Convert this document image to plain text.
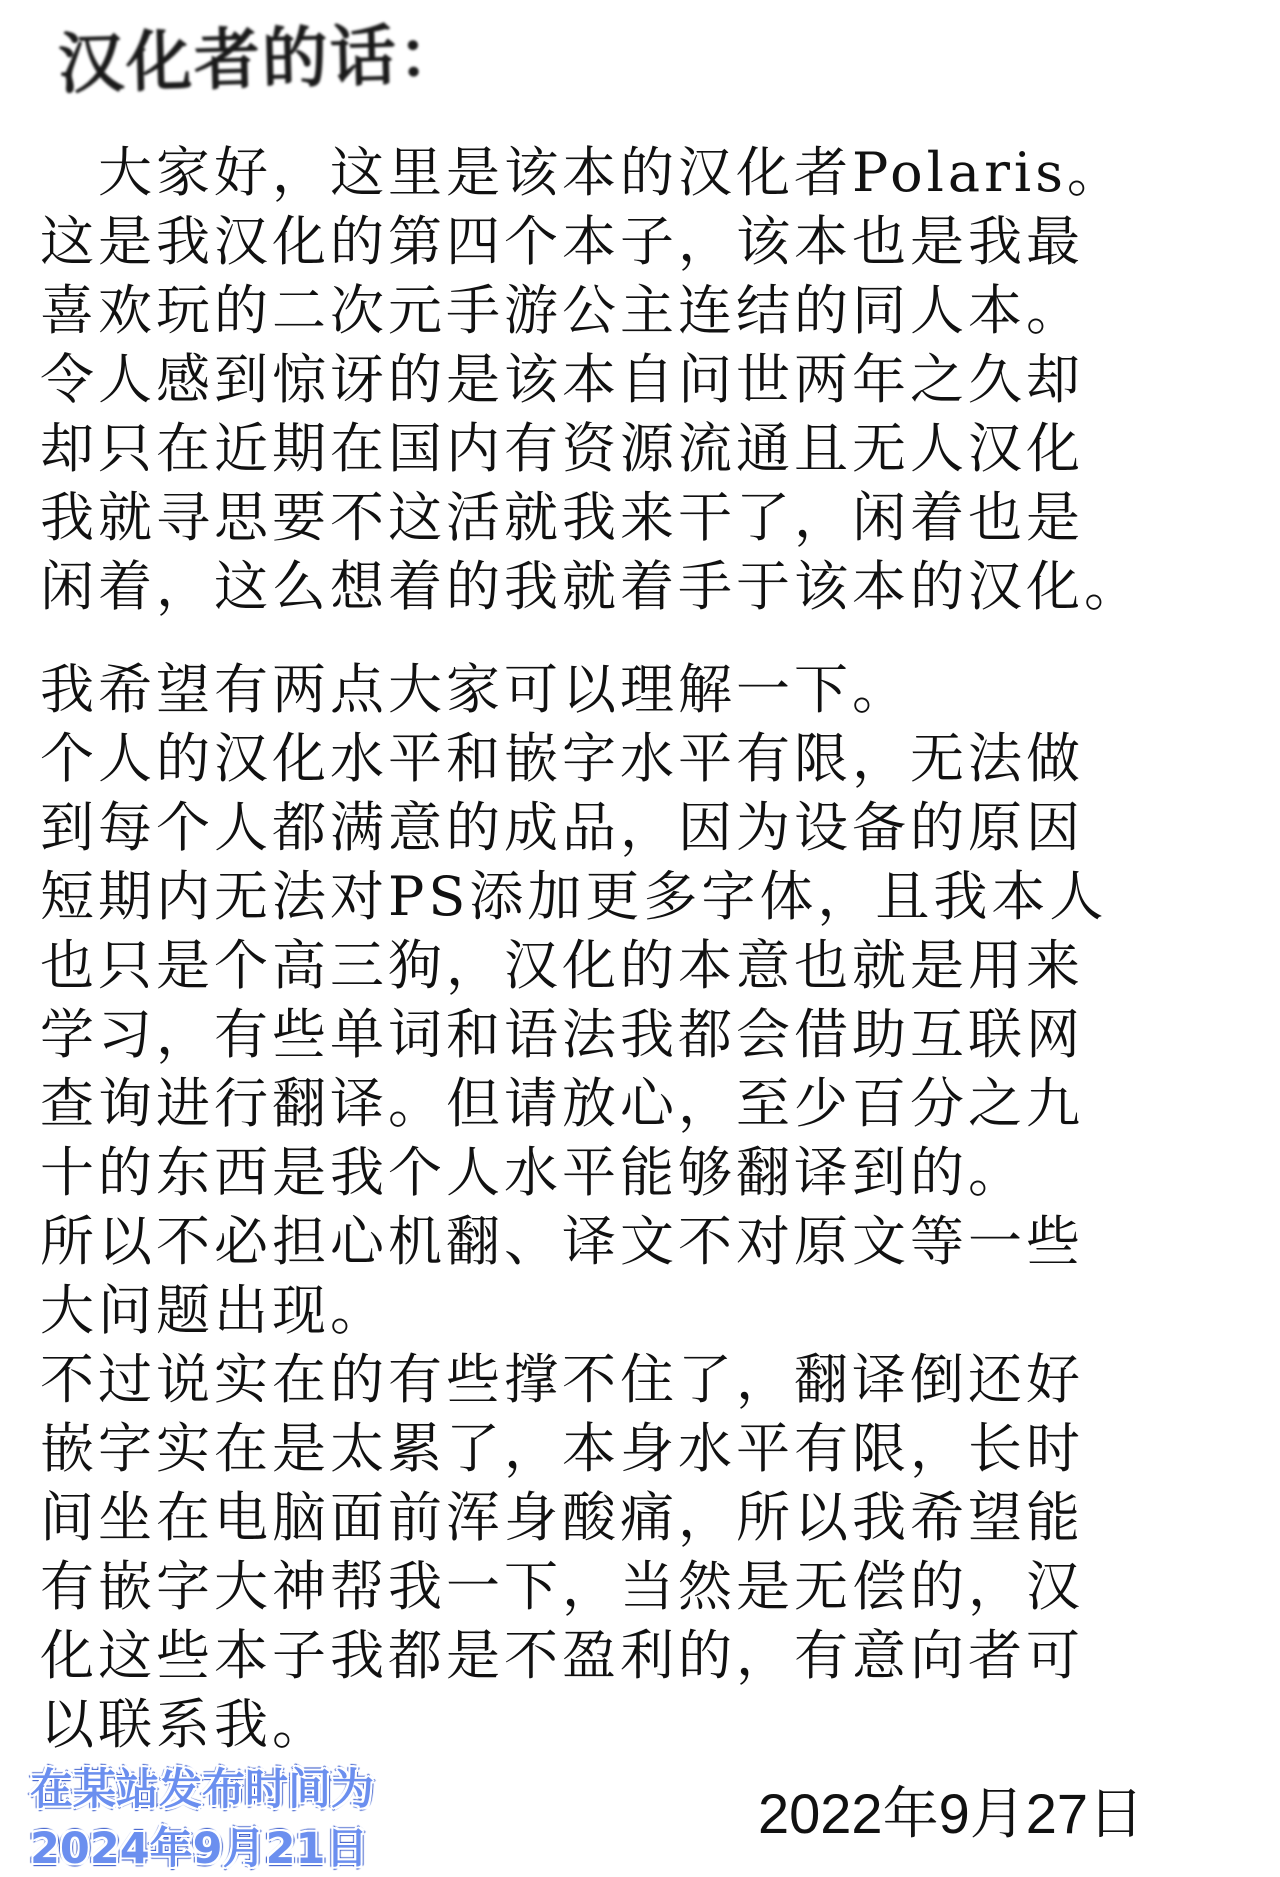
汉化者的话：
大家好，这里是该本的汉化者Polaris。
这是我汉化的第四个本子，该本也是我最
喜欢玩的二次元手游公主连结的同人本。
令人感到惊讶的是该本自问世两年之久却
却只在近期在国内有资源流通且无人汉化
我就寻思要不这活就我来干了，闲着也是
闲着，这么想着的我就着手于该本的汉化。
我希望有两点大家可以理解一下。
个人的汉化水平和嵌字水平有限，无法做
到每个人都满意的成品，因为设备的原因
短期内无法对PS添加更多字体，且我本人
也只是个高三狗，汉化的本意也就是用来
学习，有些单词和语法我都会借助互联网
查询进行翻译。但请放心，至少百分之九
十的东西是我个人水平能够翻译到的。
所以不必担心机翻、译文不对原文等一些
大问题出现。
不过说实在的有些撑不住了，翻译倒还好
嵌字实在是太累了，本身水平有限，长时
间坐在电脑面前浑身酸痛，所以我希望能
有嵌字大神帮我一下，当然是无偿的，汉
化这些本子我都是不盈利的，有意向者可
以联系我。
2022年9月27日
在某站发布时间为
2024年9月21日
